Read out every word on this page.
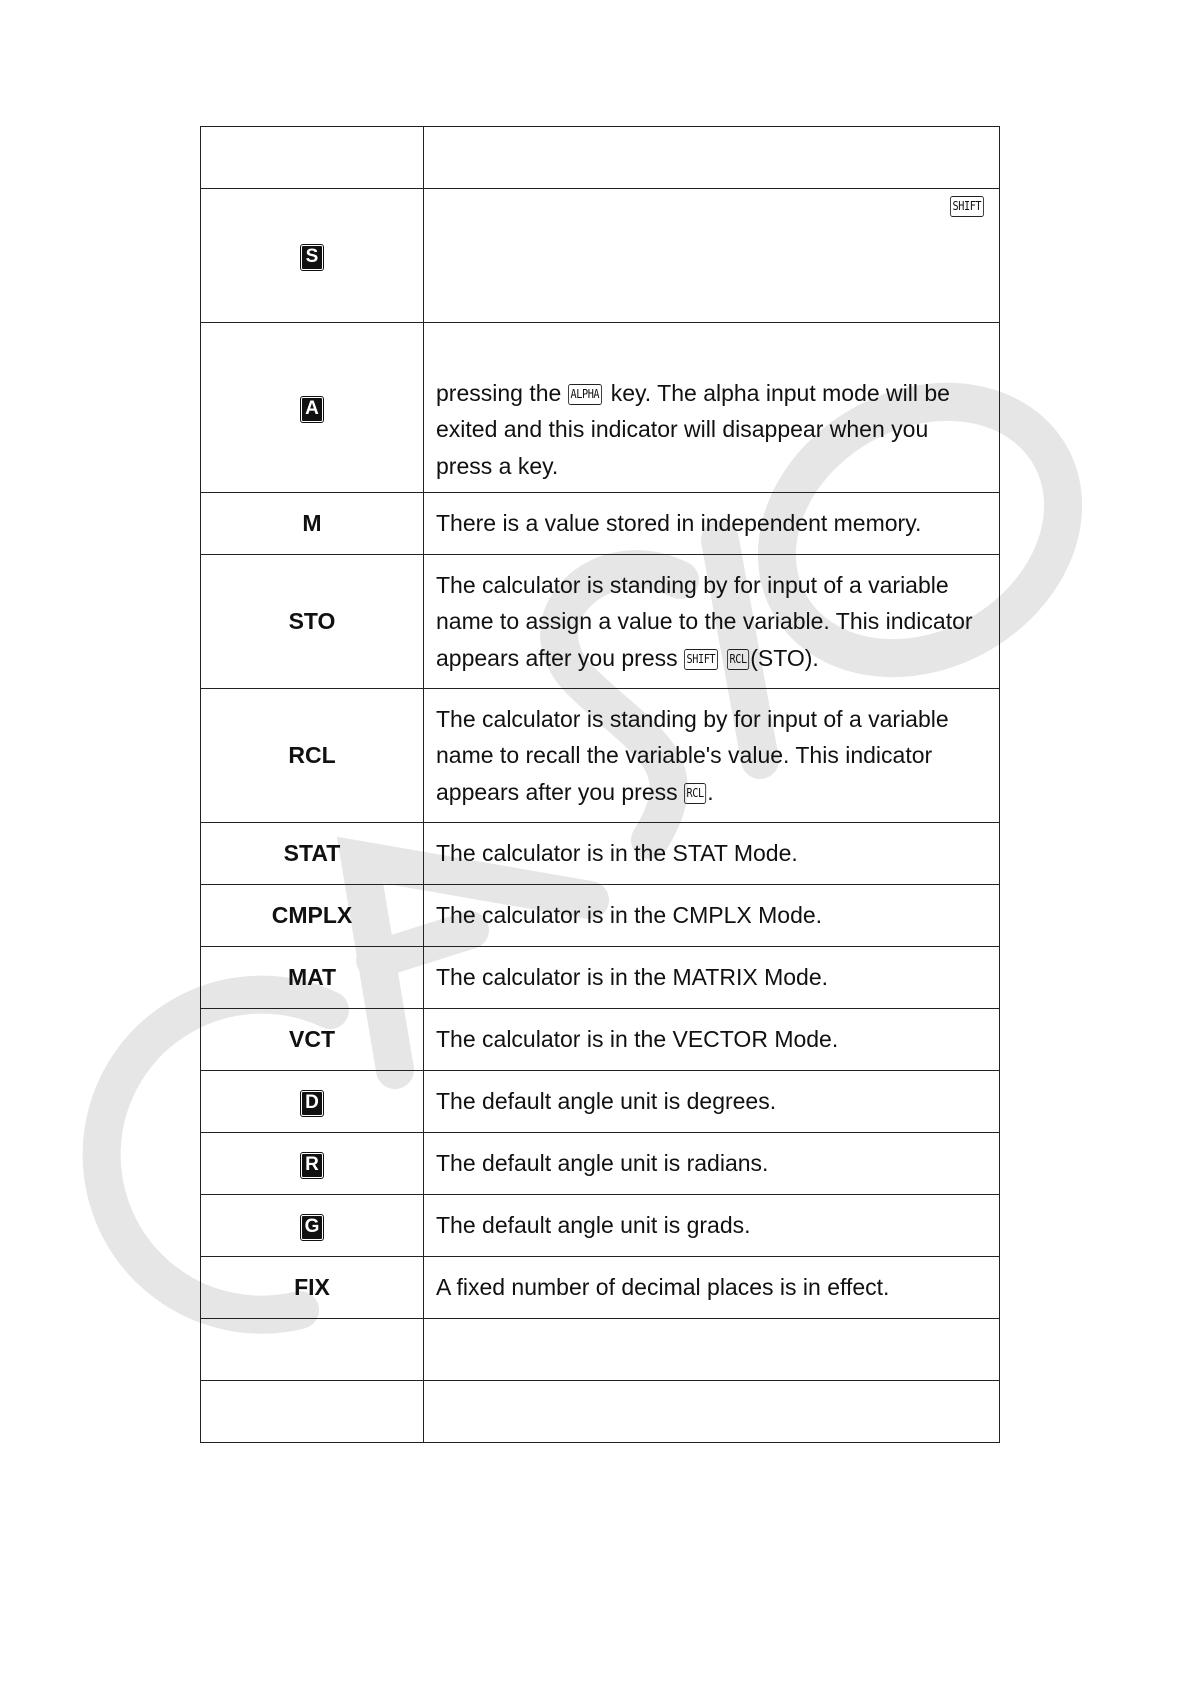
S	SHIFT

A	pressing the ALPHA key. The alpha input mode will be exited and this indicator will disappear when you press a key.
M	There is a value stored in independent memory.
STO	The calculator is standing by for input of a variable name to assign a value to the variable. This indicator appears after you press SHIFT RCL (STO).
RCL	The calculator is standing by for input of a variable name to recall the variable's value. This indicator appears after you press RCL .
STAT	The calculator is in the STAT Mode.
CMPLX	The calculator is in the CMPLX Mode.
MAT	The calculator is in the MATRIX Mode.
VCT	The calculator is in the VECTOR Mode.
D	The default angle unit is degrees.
R	The default angle unit is radians.
G	The default angle unit is grads.
FIX	A fixed number of decimal places is in effect.
